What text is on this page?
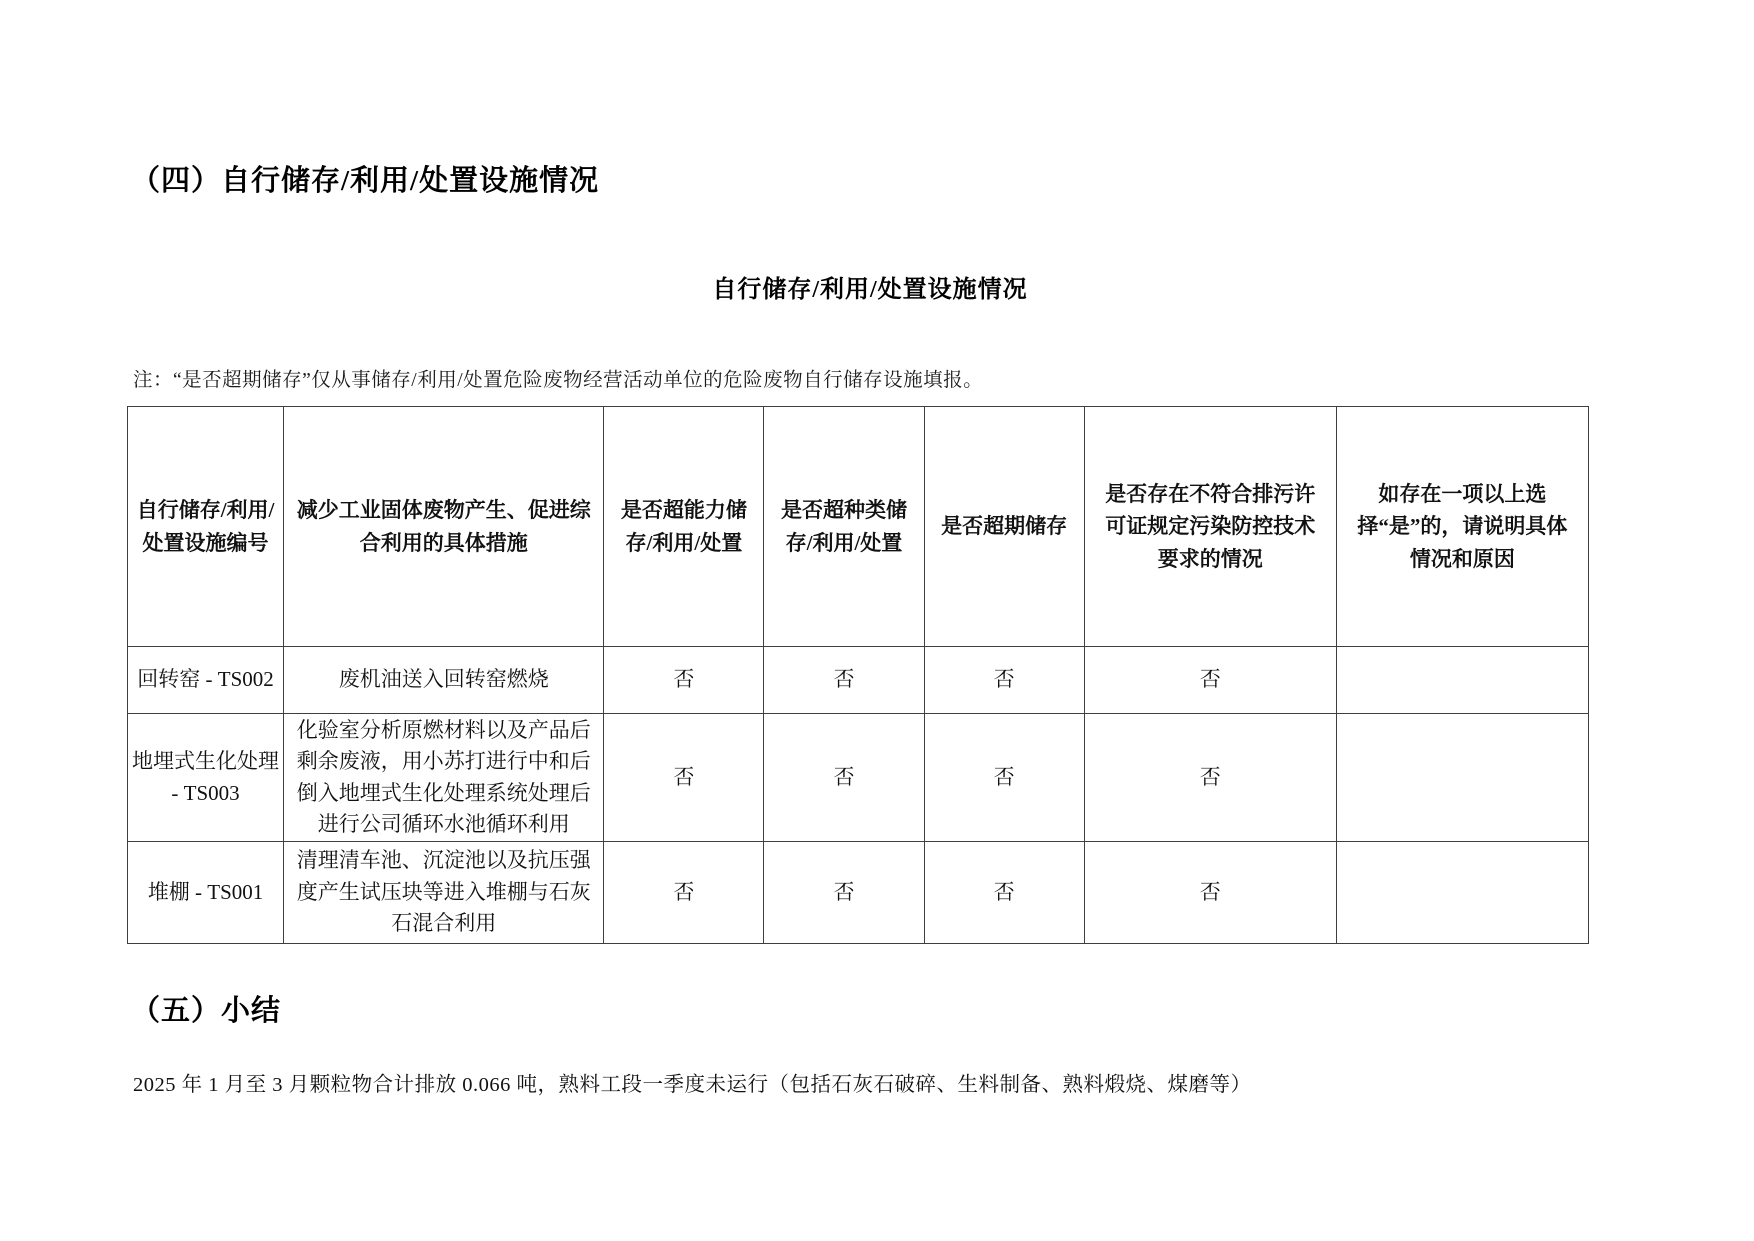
（四）自行储存/利用/处置设施情况
自行储存/利用/处置设施情况
注：“是否超期储存”仅从事储存/利用/处置危险废物经营活动单位的危险废物自行储存设施填报。
自行储存/利用/处置设施编号	减少工业固体废物产生、促进综合利用的具体措施	是否超能力储存/利用/处置	是否超种类储存/利用/处置	是否超期储存	是否存在不符合排污许可证规定污染防控技术要求的情况	如存在一项以上选择“是”的，请说明具体情况和原因
回转窑 - TS002	废机油送入回转窑燃烧	否	否	否	否	
地埋式生化处理 - TS003	化验室分析原燃材料以及产品后剩余废液，用小苏打进行中和后倒入地埋式生化处理系统处理后进行公司循环水池循环利用	否	否	否	否	
堆棚 - TS001	清理清车池、沉淀池以及抗压强度产生试压块等进入堆棚与石灰石混合利用	否	否	否	否	
（五）小结
2025 年 1 月至 3 月颗粒物合计排放 0.066 吨，熟料工段一季度未运行（包括石灰石破碎、生料制备、熟料煅烧、煤磨等）
